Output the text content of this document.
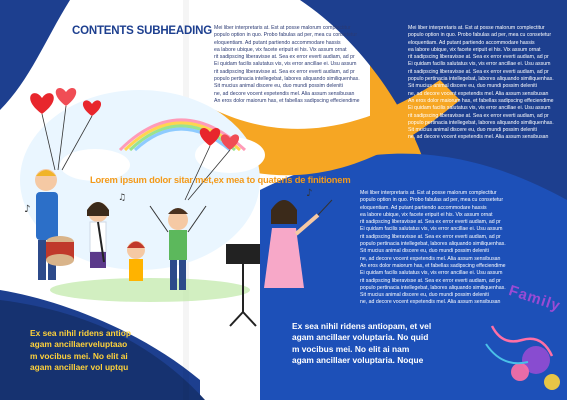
♪
♫	♪
CONTENTS SUBHEADING Mei liber interpretaris at. Est at posse malorum complectitur
populo option in quo. Probo fabulas ad per, mea cu consetetur eloquentiam. Ad putant partiendo accommodare hassis
ea labore ubique, vix facete eripuit ei his. Vix assum ornat
rit sadipscing liberavisse at. Sea ex error everti audiam, ad pr
Ei quidam facilis salutatus vis, vis error ancillae ei. Usu assum
rit sadipscing liberavisse at. Sea ex error everti audiam, ad pr
populo pertinacia intellegebat, labores aliquando similiquenhas. Sit mucius animal discere eu, duo mundi possim deleniti
ne, ad decore vocent expetendis mel. Alia assum sensibusan
An eros dolor maiorum has, et fabellas sadipscing effeciendime

Mei liber interpretaris at. Est at posse malorum complectitur
populo option in quo. Probo fabulas ad per, mea cu consetetur eloquentiam. Ad putant partiendo accommodare hassis
ea labore ubique, vix facete eripuit ei his. Vix assum ornat
rit sadipscing liberavisse at. Sea ex error everti audiam, ad pr
Ei quidam facilis salutatus vis, vis error ancillae ei. Usu assum
rit sadipscing liberavisse at. Sea ex error everti audiam, ad pr
populo pertinacia intellegebat, labores aliquando similiquenhas. Sit mucius animal discere eu, duo mundi possim deleniti
ne, ad decore vocent expetendis mel. Alia assum sensibusan
An eros dolor maiorum has, et fabellas sadipscing effeciendime
Ei quidam facilis salutatus vis, vis error ancillae ei. Usu assum
rit sadipscing liberavisse at. Sea ex error everti audiam, ad pr
populo pertinacia intellegebat, labores aliquando similiquenhas. Sit mucius animal discere eu, duo mundi possim deleniti
ne, ad decore vocent expetendis mel. Alia assum sensibusan

Lorem ipsum dolor sitar met,ex mea to quateris de finitionem

Mei liber interpretaris at. Est at posse malorum complectitur
populo option in quo. Probo fabulas ad per, mea cu consetetur eloquentiam. Ad putant partiendo accommodare hassis
ea labore ubique, vix facete eripuit ei his. Vix assum ornat
rit sadipscing liberavisse at. Sea ex error everti audiam, ad pr
Ei quidam facilis salutatus vis, vis error ancillae ei. Usu assum
rit sadipscing liberavisse at. Sea ex error everti audiam, ad pr
populo pertinacia intellegebat, labores aliquando similiquenhas. Sit mucius animal discere eu, duo mundi possim deleniti
ne, ad decore vocent expetendis mel. Alia assum sensibusan
An eros dolor maiorum has, et fabellas sadipscing effeciendime
Ei quidam facilis salutatus vis, vis error ancillae ei. Usu assum
rit sadipscing liberavisse at. Sea ex error everti audiam, ad pr
populo pertinacia intellegebat, labores aliquando similiquenhas. Sit mucius animal discere eu, duo mundi possim deleniti
ne, ad decore vocent expetendis mel. Alia assum sensibusan

Ex sea nihil ridens antiop
agam ancillaerveluptaao
m vocibus mei. No elit ai
agam ancillaer vol uptqu

Ex sea nihil ridens antiopam, et vel
agam ancillaer voluptaria. No quid
m vocibus mei. No elit ai nam
agam ancillaer voluptaria. Noque

Family
